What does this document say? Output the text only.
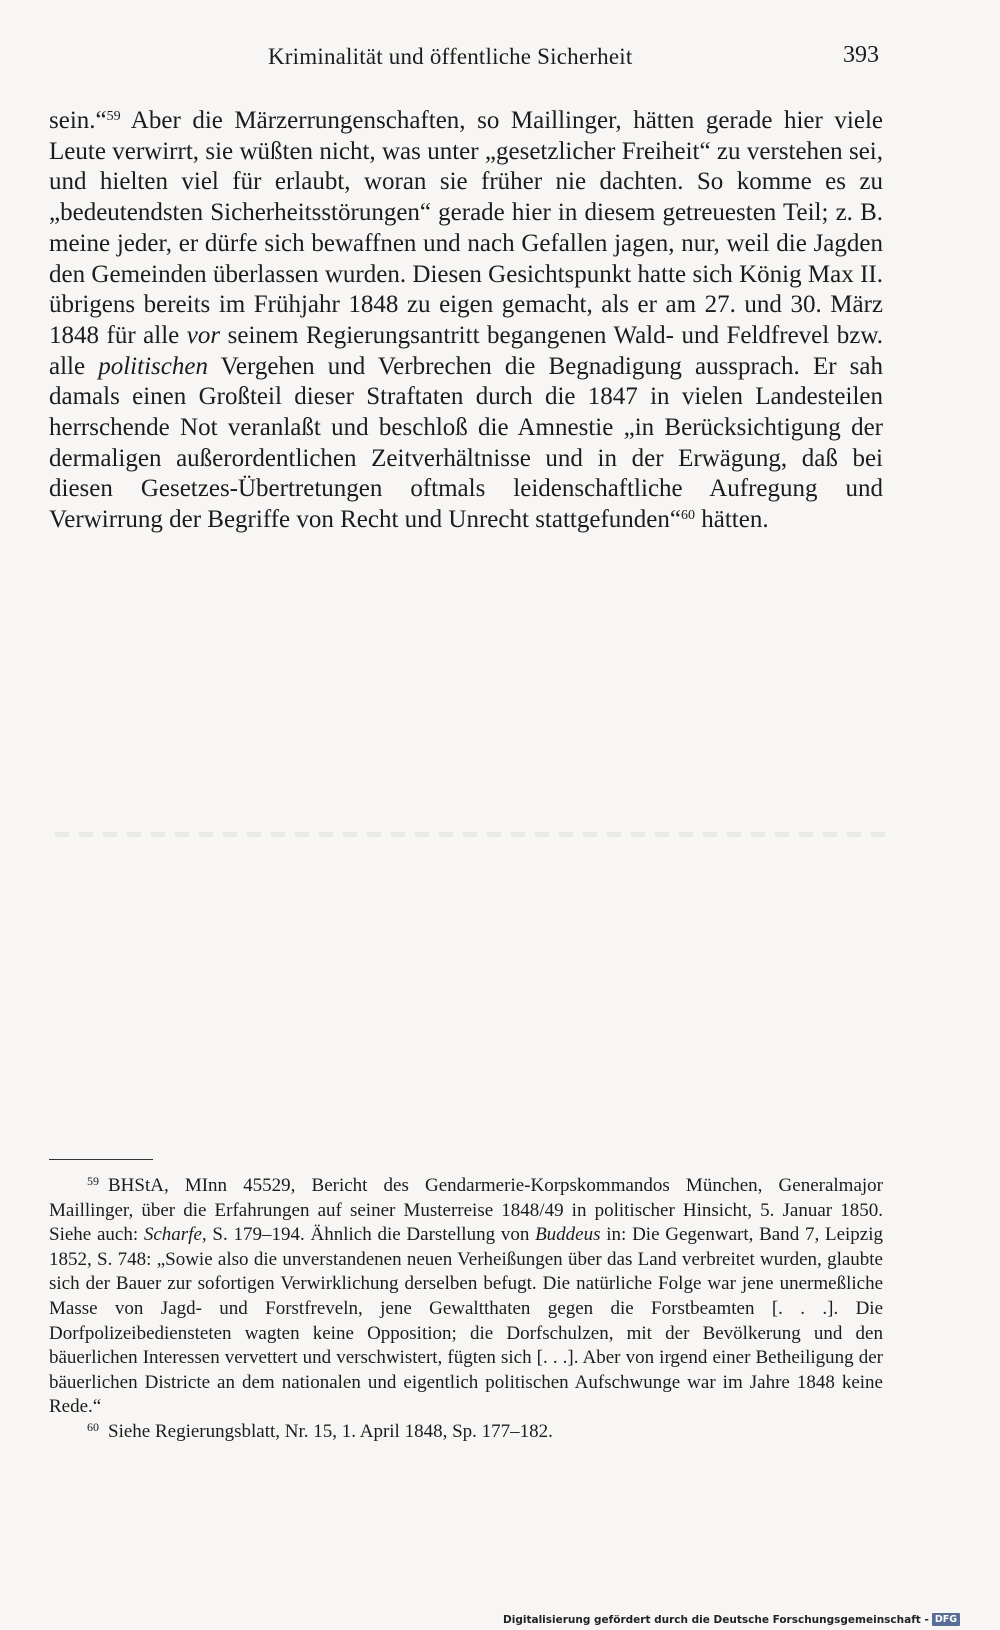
Kriminalität und öffentliche Sicherheit	393

sein.“$^{59}$ Aber die Märzerrungenschaften, so Maillinger, hätten gerade hier viele Leute verwirrt, sie wüßten nicht, was unter „gesetzlicher Freiheit“ zu verstehen sei, und hielten viel für erlaubt, woran sie früher nie dachten. So komme es zu „bedeutendsten Sicherheitsstörungen“ gerade hier in diesem getreuesten Teil; z. B. meine jeder, er dürfe sich bewaffnen und nach Gefallen jagen, nur, weil die Jagden den Gemeinden überlassen wurden. Diesen Gesichtspunkt hatte sich König Max II. übrigens bereits im Frühjahr 1848 zu eigen gemacht, als er am 27. und 30. März 1848 für alle vor seinem Regierungsantritt begangenen Wald- und Feldfrevel bzw. alle politischen Vergehen und Verbrechen die Begnadigung aussprach. Er sah damals einen Großteil dieser Straftaten durch die 1847 in vielen Landesteilen herrschende Not veranlaßt und beschloß die Amnestie „in Berücksichtigung der dermaligen außerordentlichen Zeitverhältnisse und in der Erwägung, daß bei diesen Gesetzes-Übertretungen oftmals leidenschaftliche Aufregung und Verwirrung der Begriffe von Recht und Unrecht stattgefunden“$^{60}$ hätten.

$^{59}$ BHStA, MInn 45529, Bericht des Gendarmerie-Korpskommandos München, Generalmajor Maillinger, über die Erfahrungen auf seiner Musterreise 1848/49 in politischer Hinsicht, 5. Januar 1850. Siehe auch: Scharfe, S. 179–194. Ähnlich die Darstellung von Buddeus in: Die Gegenwart, Band 7, Leipzig 1852, S. 748: „Sowie also die unverstandenen neuen Verheißungen über das Land verbreitet wurden, glaubte sich der Bauer zur sofortigen Verwirklichung derselben befugt. Die natürliche Folge war jene unermeßliche Masse von Jagd- und Forstfreveln, jene Gewaltthaten gegen die Forstbeamten [. . .]. Die Dorfpolizeibediensteten wagten keine Opposition; die Dorfschulzen, mit der Bevölkerung und den bäuerlichen Interessen vervettert und verschwistert, fügten sich [. . .]. Aber von irgend einer Betheiligung der bäuerlichen Districte an dem nationalen und eigentlich politischen Aufschwunge war im Jahre 1848 keine Rede.“

$^{60}$ Siehe Regierungsblatt, Nr. 15, 1. April 1848, Sp. 177–182.

Digitalisierung gefördert durch die Deutsche Forschungsgemeinschaft - DFG
